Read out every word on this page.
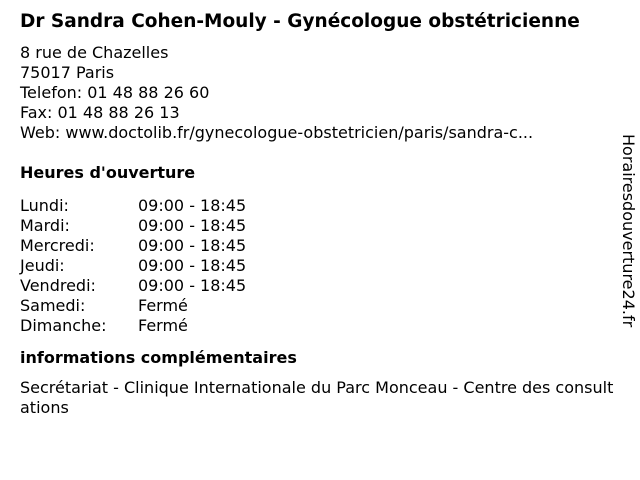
Dr Sandra Cohen-Mouly - Gynécologue obstétricienne
8 rue de Chazelles
75017 Paris
Telefon: 01 48 88 26 60
Fax: 01 48 88 26 13
Web: www.doctolib.fr/gynecologue-obstetricien/paris/sandra-c...
Heures d'ouverture
Lundi:	09:00 - 18:45
Mardi:	09:00 - 18:45
Mercredi:	09:00 - 18:45
Jeudi:	09:00 - 18:45
Vendredi:	09:00 - 18:45
Samedi:	Fermé
Dimanche:	Fermé
informations complémentaires
Secrétariat - Clinique Internationale du Parc Monceau - Centre des consultations
Horairesdouverture24.fr
